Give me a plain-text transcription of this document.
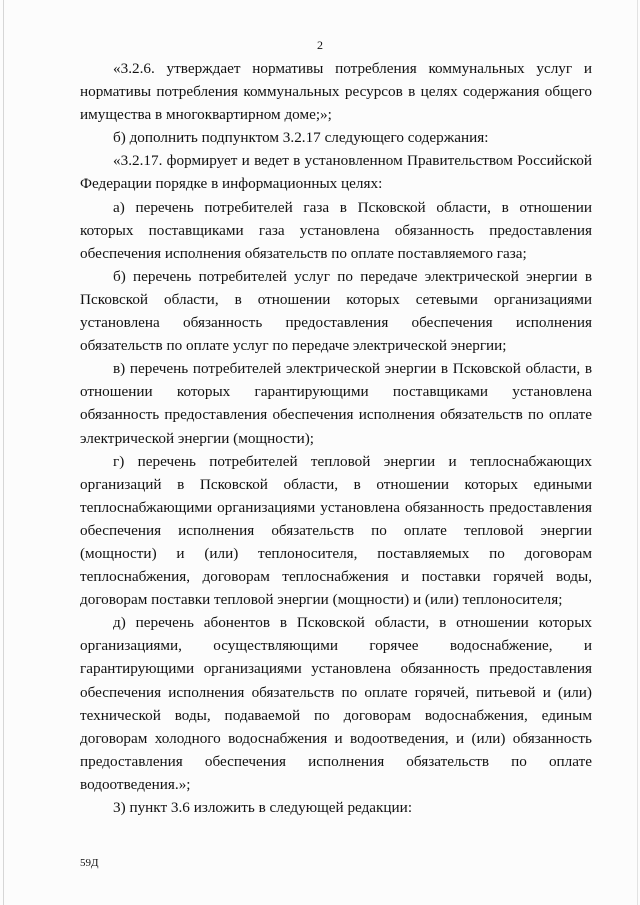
2

«3.2.6. утверждает нормативы потребления коммунальных услуг и нормативы потребления коммунальных ресурсов в целях содержания общего имущества в многоквартирном доме;»;

б) дополнить подпунктом 3.2.17 следующего содержания:

«3.2.17. формирует и ведет в установленном Правительством Российской Федерации порядке в информационных целях:

а) перечень потребителей газа в Псковской области, в отношении которых поставщиками газа установлена обязанность предоставления обеспечения исполнения обязательств по оплате поставляемого газа;

б) перечень потребителей услуг по передаче электрической энергии в Псковской области, в отношении которых сетевыми организациями установлена обязанность предоставления обеспечения исполнения обязательств по оплате услуг по передаче электрической энергии;

в) перечень потребителей электрической энергии в Псковской области, в отношении которых гарантирующими поставщиками установлена обязанность предоставления обеспечения исполнения обязательств по оплате электрической энергии (мощности);

г) перечень потребителей тепловой энергии и теплоснабжающих организаций в Псковской области, в отношении которых едиными теплоснабжающими организациями установлена обязанность предоставления обеспечения исполнения обязательств по оплате тепловой энергии (мощности) и (или) теплоносителя, поставляемых по договорам теплоснабжения, договорам теплоснабжения и поставки горячей воды, договорам поставки тепловой энергии (мощности) и (или) теплоносителя;

д) перечень абонентов в Псковской области, в отношении которых организациями, осуществляющими горячее водоснабжение, и гарантирующими организациями установлена обязанность предоставления обеспечения исполнения обязательств по оплате горячей, питьевой и (или) технической воды, подаваемой по договорам водоснабжения, единым договорам холодного водоснабжения и водоотведения, и (или) обязанность предоставления обеспечения исполнения обязательств по оплате водоотведения.»;

3) пункт 3.6 изложить в следующей редакции:

59Д
